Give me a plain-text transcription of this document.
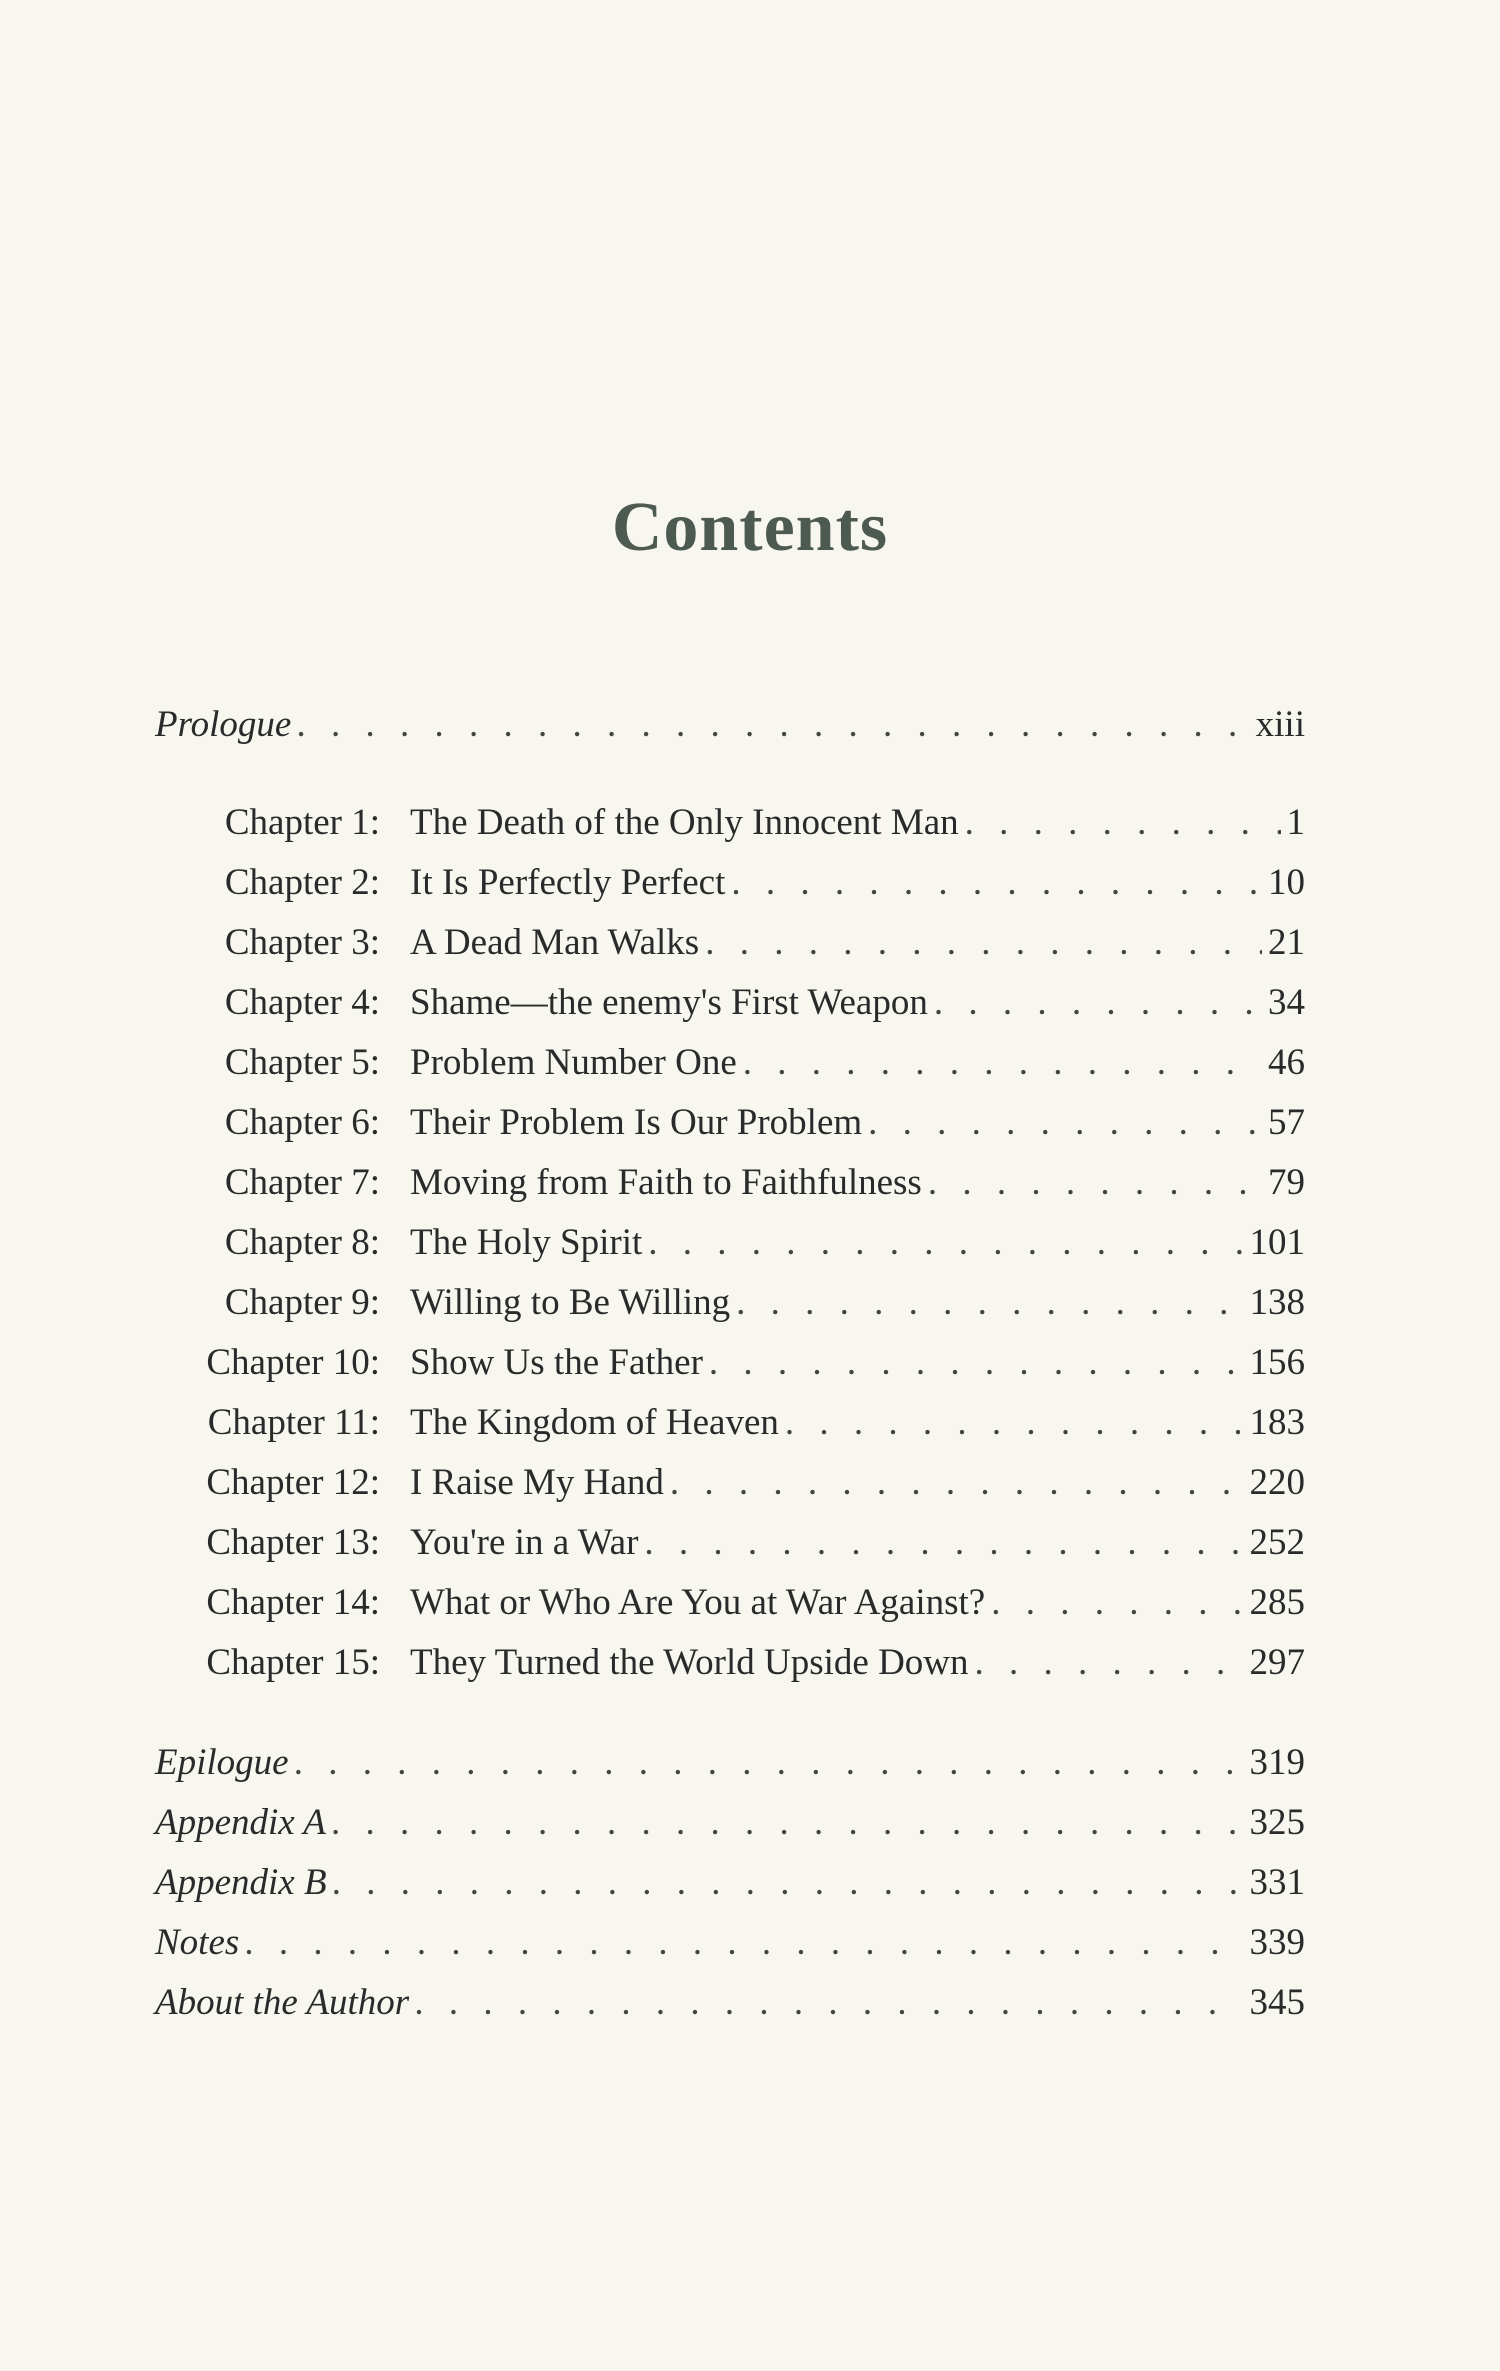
Contents
Prologue . . .	xiii
Chapter 1: The Death of the Only Innocent Man . . .	1
Chapter 2: It Is Perfectly Perfect . . .	10
Chapter 3: A Dead Man Walks . . .	21
Chapter 4: Shame—the enemy's First Weapon . . .	34
Chapter 5: Problem Number One . . .	46
Chapter 6: Their Problem Is Our Problem . . .	57
Chapter 7: Moving from Faith to Faithfulness . . .	79
Chapter 8: The Holy Spirit . . .	101
Chapter 9: Willing to Be Willing . . .	138
Chapter 10: Show Us the Father . . .	156
Chapter 11: The Kingdom of Heaven . . .	183
Chapter 12: I Raise My Hand . . .	220
Chapter 13: You're in a War . . .	252
Chapter 14: What or Who Are You at War Against? . . .	285
Chapter 15: They Turned the World Upside Down . . .	297
Epilogue . . .	319
Appendix A . . .	325
Appendix B . . .	331
Notes . . .	339
About the Author . . .	345
